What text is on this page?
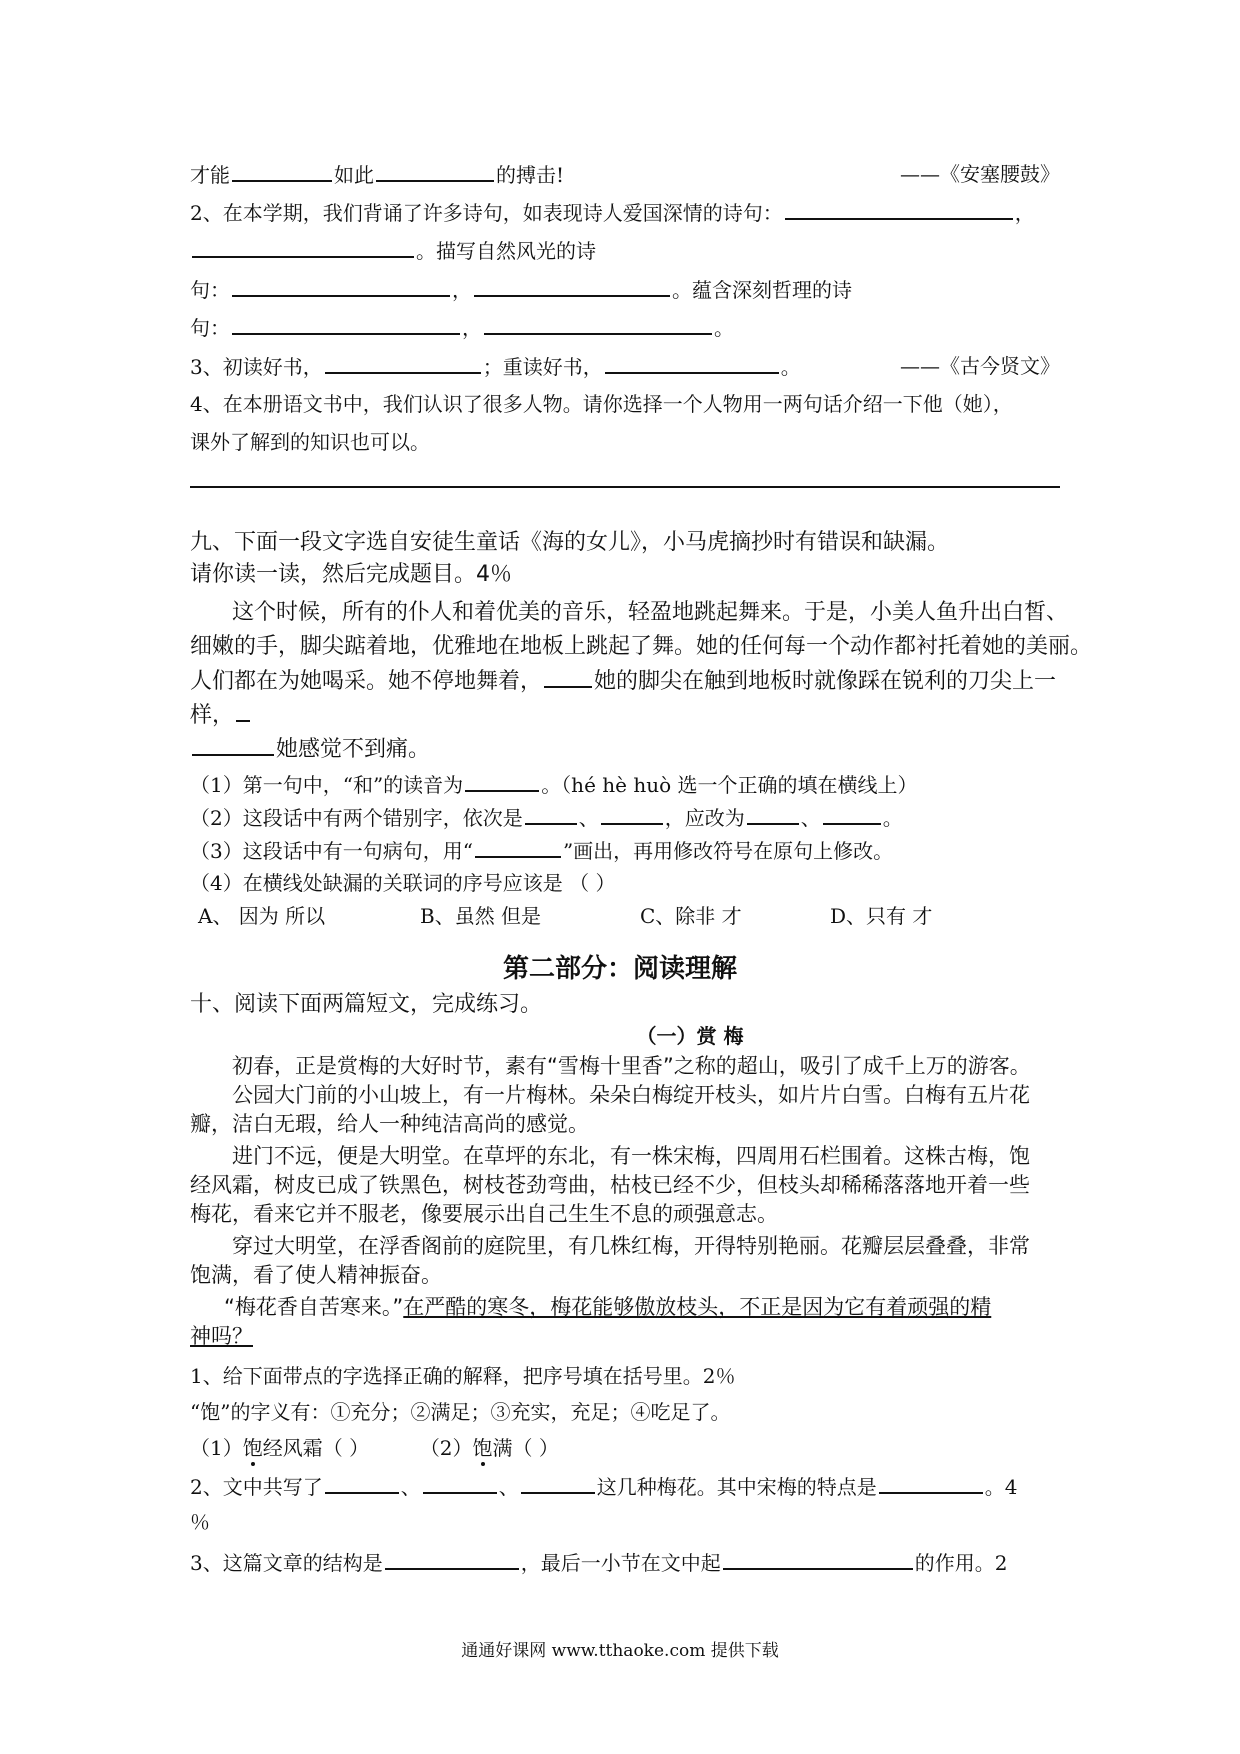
才能	如此	的搏击!	——《安塞腰鼓》
2、在本学期，我们背诵了许多诗句，如表现诗人爱国深情的诗句：	，
。描写自然风光的诗
句：	，	。蕴含深刻哲理的诗
句：	，	。
3、初读好书，	；重读好书，	。	——《古今贤文》
4、在本册语文书中，我们认识了很多人物。请你选择一个人物用一两句话介绍一下他（她），
课外了解到的知识也可以。
九、下面一段文字选自安徒生童话《海的女儿》，小马虎摘抄时有错误和缺漏。
请你读一读，然后完成题目。4％
这个时候，所有的仆人和着优美的音乐，轻盈地跳起舞来。于是，小美人鱼升出白皙、
细嫩的手，脚尖踮着地，优雅地在地板上跳起了舞。她的任何每一个动作都衬托着她的美丽。
人们都在为她喝采。她不停地舞着， 她的脚尖在触到地板时就像踩在锐利的刀尖上一
样，
她感觉不到痛。
（1）第一句中，“和”的读音为	。（hé hè huò 选一个正确的填在横线上）
（2）这段话中有两个错别字，依次是	、	，应改为	、	。
（3）这段话中有一句病句，用“	”画出，再用修改符号在原句上修改。
（4）在横线处缺漏的关联词的序号应该是 （ ）
A、 因为 所以	B、虽然 但是	C、除非 才	D、只有 才
第二部分：阅读理解
十、阅读下面两篇短文，完成练习。
（一）赏 梅
初春，正是赏梅的大好时节，素有“雪梅十里香”之称的超山，吸引了成千上万的游客。
公园大门前的小山坡上，有一片梅林。朵朵白梅绽开枝头，如片片白雪。白梅有五片花
瓣，洁白无瑕，给人一种纯洁高尚的感觉。
进门不远，便是大明堂。在草坪的东北，有一株宋梅，四周用石栏围着。这株古梅，饱
经风霜，树皮已成了铁黑色，树枝苍劲弯曲，枯枝已经不少，但枝头却稀稀落落地开着一些
梅花，看来它并不服老，像要展示出自己生生不息的顽强意志。
穿过大明堂，在浮香阁前的庭院里，有几株红梅，开得特别艳丽。花瓣层层叠叠，非常
饱满，看了使人精神振奋。
“梅花香自苦寒来。”在严酷的寒冬，梅花能够傲放枝头，不正是因为它有着顽强的精
神吗？
1、给下面带点的字选择正确的解释，把序号填在括号里。2％
“饱”的字义有：①充分；②满足；③充实，充足；④吃足了。
（1）饱经风霜（ ）	（2）饱满（ ）
2、文中共写了	、	、	这几种梅花。其中宋梅的特点是	。4
％
3、这篇文章的结构是	，最后一小节在文中起	的作用。2
通通好课网 www.tthaoke.com 提供下载
